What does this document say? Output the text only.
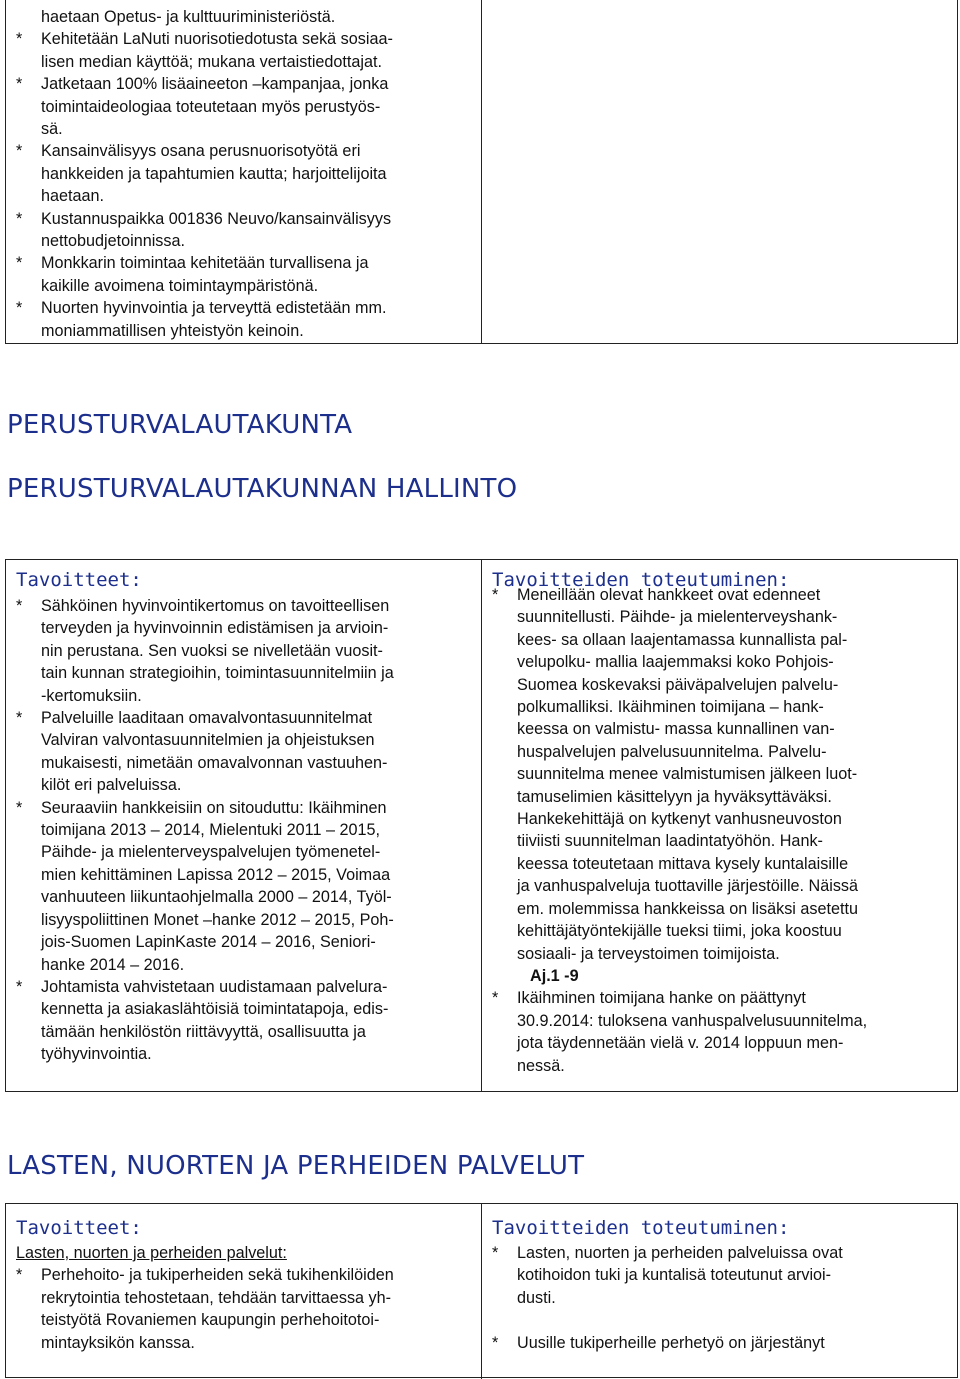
haetaan Opetus- ja kulttuuriministeriöstä.
* Kehitetään LaNuti nuorisotiedotusta sekä sosiaa-
lisen median käyttöä; mukana vertaistiedottajat.
* Jatketaan 100% lisäaineeton –kampanjaa, jonka
toimintaideologiaa toteutetaan myös perustyös-
sä.
* Kansainvälisyys osana perusnuorisotyötä eri
hankkeiden ja tapahtumien kautta; harjoittelijoita
haetaan.
* Kustannuspaikka 001836 Neuvo/kansainvälisyys
nettobudjetoinnissa.
* Monkkarin toimintaa kehitetään turvallisena ja
kaikille avoimena toimintaympäristönä.
* Nuorten hyvinvointia ja terveyttä edistetään mm.
moniammatillisen yhteistyön keinoin.
PERUSTURVALAUTAKUNTA
PERUSTURVALAUTAKUNNAN HALLINTO
Tavoitteet:
* Sähköinen hyvinvointikertomus on tavoitteellisen
terveyden ja hyvinvoinnin edistämisen ja arvioin-
nin perustana. Sen vuoksi se nivelletään vuosit-
tain kunnan strategioihin, toimintasuunnitelmiin ja
-kertomuksiin.
* Palveluille laaditaan omavalvontasuunnitelmat
Valviran valvontasuunnitelmien ja ohjeistuksen
mukaisesti, nimetään omavalvonnan vastuuhen-
kilöt eri palveluissa.
* Seuraaviin hankkeisiin on sitouduttu: Ikäihminen
toimijana 2013 – 2014, Mielentuki 2011 – 2015,
Päihde- ja mielenterveyspalvelujen työmenetel-
mien kehittäminen Lapissa 2012 – 2015, Voimaa
vanhuuteen liikuntaohjelmalla 2000 – 2014, Työl-
lisyyspoliittinen Monet –hanke 2012 – 2015, Poh-
jois-Suomen LapinKaste 2014 – 2016, Seniori-
hanke 2014 – 2016.
* Johtamista vahvistetaan uudistamaan palvelura-
kennetta ja asiakaslähtöisiä toimintatapoja, edis-
tämään henkilöstön riittävyyttä, osallisuutta ja
työhyvinvointia.
Tavoitteiden toteutuminen:
* Meneillään olevat hankkeet ovat edenneet
suunnitellusti. Päihde- ja mielenterveyshank-
kees- sa ollaan laajentamassa kunnallista pal-
velupolku- mallia laajemmaksi koko Pohjois-
Suomea koskevaksi päiväpalvelujen palvelu-
polkumalliksi. Ikäihminen toimijana – hank-
keessa on valmistu- massa kunnallinen van-
huspalvelujen palvelusuunnitelma. Palvelu-
suunnitelma menee valmistumisen jälkeen luot-
tamuselimien käsittelyyn ja hyväksyttäväksi.
Hankekehittäjä on kytkenyt vanhusneuvoston
tiiviisti suunnitelman laadintatyöhön. Hank-
keessa toteutetaan mittava kysely kuntalaisille
ja vanhuspalveluja tuottaville järjestöille. Näissä
em. molemmissa hankkeissa on lisäksi asetettu
kehittäjätyöntekijälle tueksi tiimi, joka koostuu
sosiaali- ja terveystoimen toimijoista.
Aj.1 -9
* Ikäihminen toimijana hanke on päättynyt
30.9.2014: tuloksena vanhuspalvelusuunnitelma,
jota täydennetään vielä v. 2014 loppuun men-
nessä.
LASTEN, NUORTEN JA PERHEIDEN PALVELUT
Tavoitteet:
Lasten, nuorten ja perheiden palvelut:
* Perhehoito- ja tukiperheiden sekä tukihenkilöiden
rekrytointia tehostetaan, tehdään tarvittaessa yh-
teistyötä Rovaniemen kaupungin perhehoitotoi-
mintayksikön kanssa.
Tavoitteiden toteutuminen:
* Lasten, nuorten ja perheiden palveluissa ovat
kotihoidon tuki ja kuntalisä toteutunut arvioi-
dusti.

* Uusille tukiperheille perhetyö on järjestänyt
